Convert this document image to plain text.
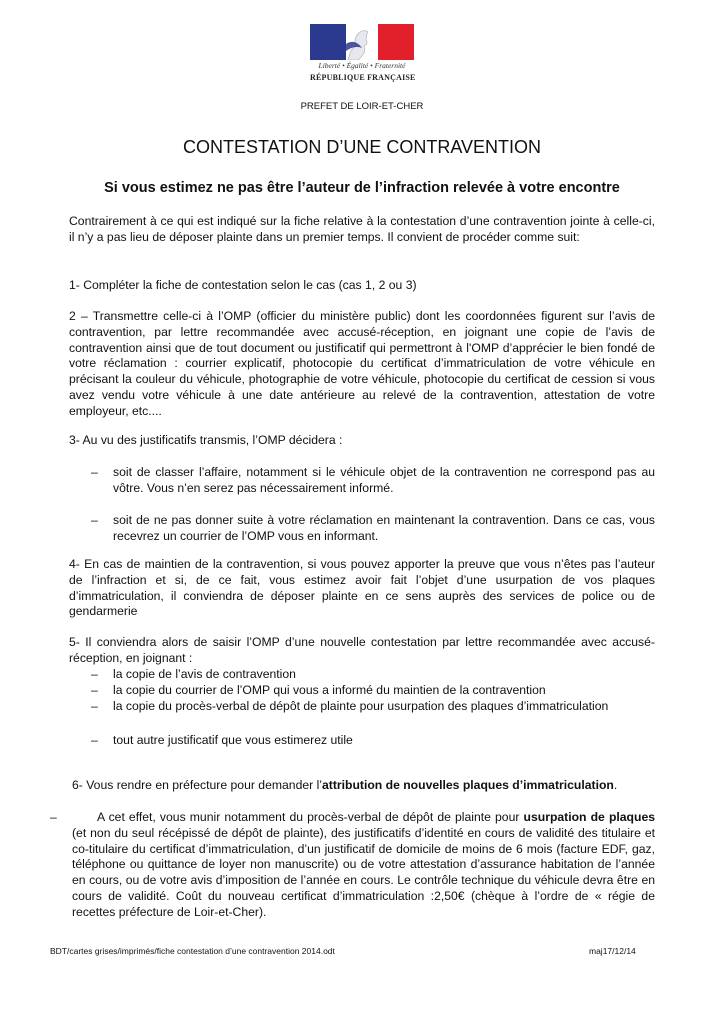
Liberté • Égalité • Fraternité
RÉPUBLIQUE FRANÇAISE
PREFET DE LOIR-ET-CHER
CONTESTATION D’UNE CONTRAVENTION
Si vous estimez ne pas être l’auteur de l’infraction relevée à votre encontre
Contrairement à ce qui est indiqué sur la fiche relative à la contestation d’une contravention jointe à celle-ci, il n’y a pas lieu de déposer plainte dans un premier temps. Il convient de procéder comme suit:
1- Compléter la fiche de contestation selon le cas (cas 1, 2 ou 3)
2 – Transmettre celle-ci à l’OMP (officier du ministère public) dont les coordonnées figurent sur l’avis de contravention, par lettre recommandée avec accusé-réception, en joignant une copie de l’avis de contravention ainsi que de tout document ou justificatif qui permettront à l'OMP d’apprécier le bien fondé de votre réclamation : courrier explicatif, photocopie du certificat d’immatriculation de votre véhicule en précisant la couleur du véhicule, photographie de votre véhicule, photocopie du certificat de cession si vous avez vendu votre véhicule à une date antérieure au relevé de la contravention, attestation de votre employeur, etc....
3- Au vu des justificatifs transmis, l’OMP décidera :
– soit de classer l’affaire, notamment si le véhicule objet de la contravention ne correspond pas au vôtre. Vous n’en serez pas nécessairement informé.
– soit de ne pas donner suite à votre réclamation en maintenant la contravention. Dans ce cas, vous recevrez un courrier de l’OMP vous en informant.
4- En cas de maintien de la contravention, si vous pouvez apporter la preuve que vous n’êtes pas l’auteur de l’infraction et si, de ce fait, vous estimez avoir fait l’objet d’une usurpation de vos plaques d’immatriculation, il conviendra de déposer plainte en ce sens auprès des services de police ou de gendarmerie
5- Il conviendra alors de saisir l’OMP d’une nouvelle contestation par lettre recommandée avec accusé-réception, en joignant :
– la copie de l’avis de contravention
– la copie du courrier de l’OMP qui vous a informé du maintien de la contravention
– la copie du procès-verbal de dépôt de plainte pour usurpation des plaques d’immatriculation
– tout autre justificatif que vous estimerez utile
6- Vous rendre en préfecture pour demander l’attribution de nouvelles plaques d’immatriculation.
–	A cet effet, vous munir notamment du procès-verbal de dépôt de plainte pour usurpation de plaques (et non du seul récépissé de dépôt de plainte), des justificatifs d’identité en cours de validité des titulaire et co-titulaire du certificat d’immatriculation, d’un justificatif de domicile de moins de 6 mois (facture EDF, gaz, téléphone ou quittance de loyer non manuscrite) ou de votre attestation d’assurance habitation de l’année en cours, ou de votre avis d’imposition de l’année en cours. Le contrôle technique du véhicule devra être en cours de validité. Coût du nouveau certificat d’immatriculation :2,50€ (chèque à l’ordre de « régie de recettes préfecture de Loir-et-Cher).
BDT/cartes grises/imprimés/fiche contestation d’une contravention 2014.odt	maj17/12/14
